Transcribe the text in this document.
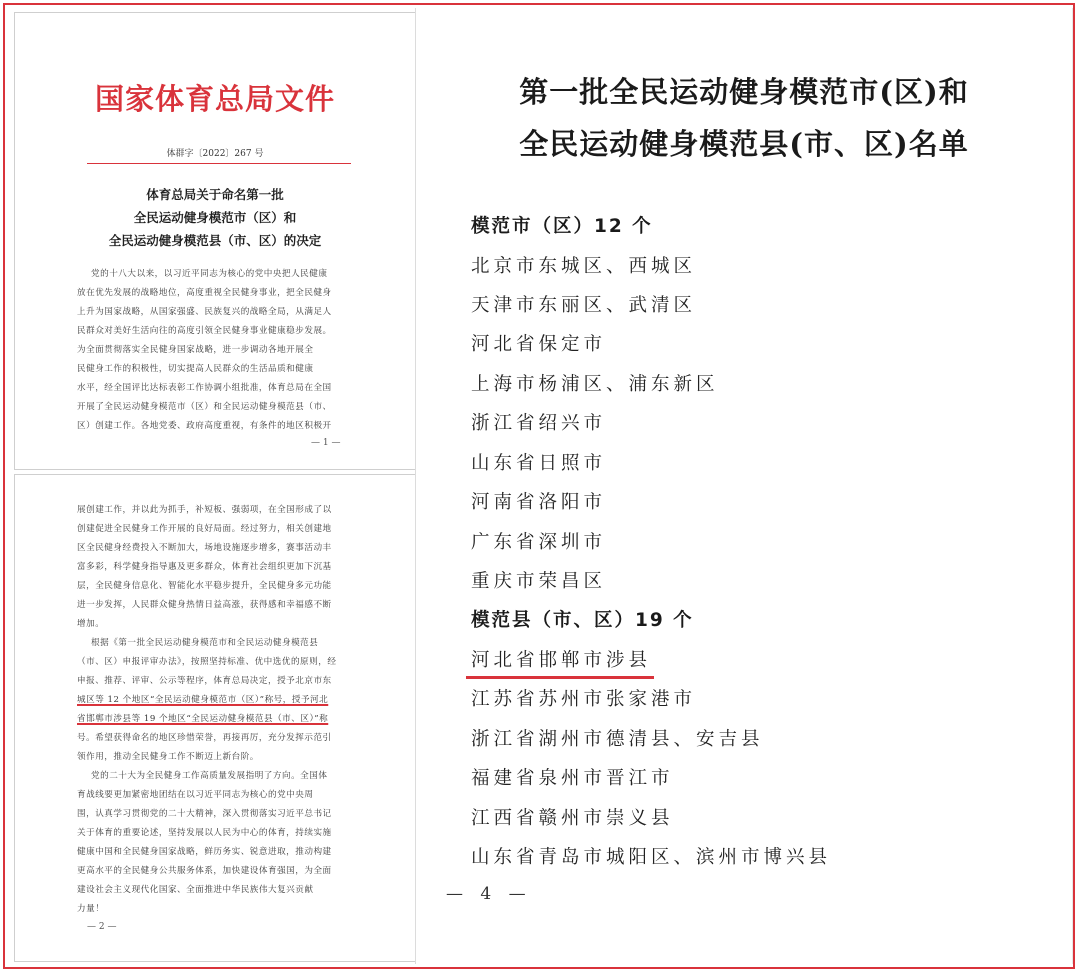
国家体育总局文件
体群字〔2022〕267 号
体育总局关于命名第一批
全民运动健身模范市（区）和
全民运动健身模范县（市、区）的决定
党的十八大以来，以习近平同志为核心的党中央把人民健康
放在优先发展的战略地位，高度重视全民健身事业，把全民健身
上升为国家战略，从国家强盛、民族复兴的战略全局，从满足人
民群众对美好生活向往的高度引领全民健身事业健康稳步发展。
为全面贯彻落实全民健身国家战略，进一步调动各地开展全
民健身工作的积极性，切实提高人民群众的生活品质和健康
水平，经全国评比达标表彰工作协调小组批准，体育总局在全国
开展了全民运动健身模范市（区）和全民运动健身模范县（市、
区）创建工作。各地党委、政府高度重视，有条件的地区积极开
— 1 —
展创建工作，并以此为抓手，补短板、强弱项，在全国形成了以
创建促进全民健身工作开展的良好局面。经过努力，相关创建地
区全民健身经费投入不断加大，场地设施逐步增多，赛事活动丰
富多彩，科学健身指导惠及更多群众，体育社会组织更加下沉基
层，全民健身信息化、智能化水平稳步提升，全民健身多元功能
进一步发挥，人民群众健身热情日益高涨，获得感和幸福感不断
增加。
根据《第一批全民运动健身模范市和全民运动健身模范县
（市、区）申报评审办法》，按照坚持标准、优中选优的原则，经
申报、推荐、评审、公示等程序，体育总局决定，授予北京市东
城区等 12 个地区“全民运动健身模范市（区）”称号，授予河北
省邯郸市涉县等 19 个地区“全民运动健身模范县（市、区）”称
号。希望获得命名的地区珍惜荣誉，再接再厉，充分发挥示范引
领作用，推动全民健身工作不断迈上新台阶。
党的二十大为全民健身工作高质量发展指明了方向。全国体
育战线要更加紧密地团结在以习近平同志为核心的党中央周
围，认真学习贯彻党的二十大精神，深入贯彻落实习近平总书记
关于体育的重要论述，坚持发展以人民为中心的体育，持续实施
健康中国和全民健身国家战略，鲜历务实、锐意进取，推动构建
更高水平的全民健身公共服务体系，加快建设体育强国，为全面
建设社会主义现代化国家、全面推进中华民族伟大复兴贡献
力量！
— 2 —
第一批全民运动健身模范市(区)和
全民运动健身模范县(市、区)名单
模范市（区）12 个
北京市东城区、西城区
天津市东丽区、武清区
河北省保定市
上海市杨浦区、浦东新区
浙江省绍兴市
山东省日照市
河南省洛阳市
广东省深圳市
重庆市荣昌区
模范县（市、区）19 个
河北省邯郸市涉县
江苏省苏州市张家港市
浙江省湖州市德清县、安吉县
福建省泉州市晋江市
江西省赣州市崇义县
山东省青岛市城阳区、滨州市博兴县
— 4 —
